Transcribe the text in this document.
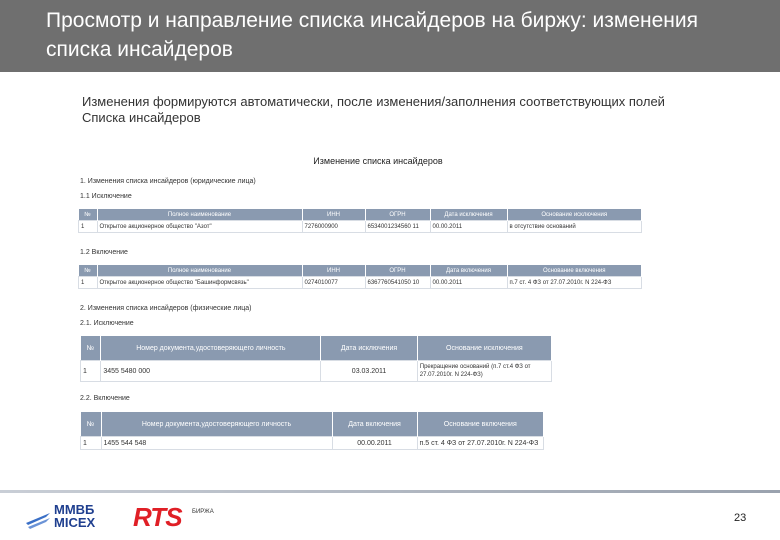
Просмотр и направление списка инсайдеров на биржу: изменения списка инсайдеров
Изменения формируются автоматически, после изменения/заполнения соответствующих полей Списка инсайдеров
Изменение списка инсайдеров
1. Изменения списка инсайдеров (юридические лица)
1.1 Исключение
№	Полное наименование	ИНН	ОГРН	Дата исключения	Основание исключения
1	Открытое акционерное общество "Азот"	7276000900	6534001234560 11	00.00.2011	в отсутствие оснований
1.2 Включение
№	Полное наименование	ИНН	ОГРН	Дата включения	Основание включения
1	Открытое акционерное общество "Башинформсвязь"	0274010077	6367760541050 10	00.00.2011	п.7 ст. 4 ФЗ от 27.07.2010г. N 224-ФЗ
2. Изменения списка инсайдеров (физические лица)
2.1. Исключение
№	Номер документа,удостоверяющего личность	Дата исключения	Основание исключения
1	3455 5480 000	03.03.2011	Прекращение оснований (п.7 ст.4 ФЗ от 27.07.2010г. N 224-ФЗ)
2.2. Включение
№	Номер документа,удостоверяющего личность	Дата включения	Основание включения
1	1455 544 548	00.00.2011	п.5 ст. 4 ФЗ от 27.07.2010г. N 224-ФЗ
ММВБ
MICEX RTS БИРЖА	23
